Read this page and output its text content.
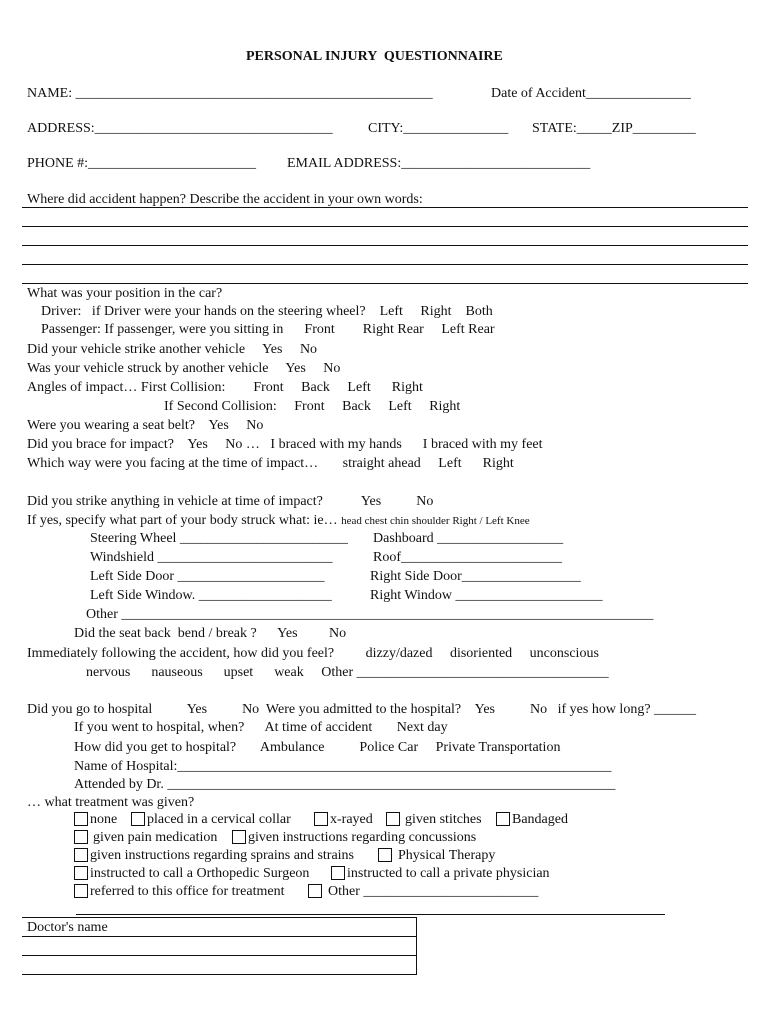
PERSONAL INJURY  QUESTIONNAIRE
NAME: ___________________________________________________	Date of Accident_______________
ADDRESS:__________________________________	CITY:_______________ STATE:_____ZIP_________
PHONE #:________________________ EMAIL ADDRESS:___________________________
Where did accident happen? Describe the accident in your own words:
What was your position in the car?
Driver:   if Driver were your hands on the steering wheel?    Left     Right    Both
Passenger: If passenger, were you sitting in      Front        Right Rear     Left Rear
Did your vehicle strike another vehicle     Yes     No
Was your vehicle struck by another vehicle     Yes     No
Angles of impact… First Collision:        Front     Back     Left      Right
If Second Collision:     Front     Back     Left     Right
Were you wearing a seat belt?    Yes     No
Did you brace for impact?    Yes     No …   I braced with my hands      I braced with my feet
Which way were you facing at the time of impact…       straight ahead     Left      Right
Did you strike anything in vehicle at time of impact?           Yes          No
If yes, specify what part of your body struck what: ie… head chest chin shoulder Right / Left Knee
Steering Wheel ________________________ Dashboard __________________
Windshield _________________________	Roof_______________________
Left Side Door _____________________	Right Side Door_________________
Left Side Window. ___________________	Right Window _____________________
Other ____________________________________________________________________________
Did the seat back  bend / break ?      Yes         No
Immediately following the accident, how did you feel?         dizzy/dazed     disoriented     unconscious
nervous      nauseous      upset      weak     Other ____________________________________
Did you go to hospital          Yes          No  Were you admitted to the hospital?    Yes          No   if yes how long? ______
If you went to hospital, when?      At time of accident       Next day
How did you get to hospital?       Ambulance          Police Car     Private Transportation
Name of Hospital:______________________________________________________________
Attended by Dr. ________________________________________________________________
… what treatment was given?
none placed in a cervical collar	x-rayed given stitches Bandaged
given pain medication given instructions regarding concussions
given instructions regarding sprains and strains	Physical Therapy
instructed to call a Orthopedic Surgeon	instructed to call a private physician
referred to this office for treatment	Other _________________________
Doctor's name
